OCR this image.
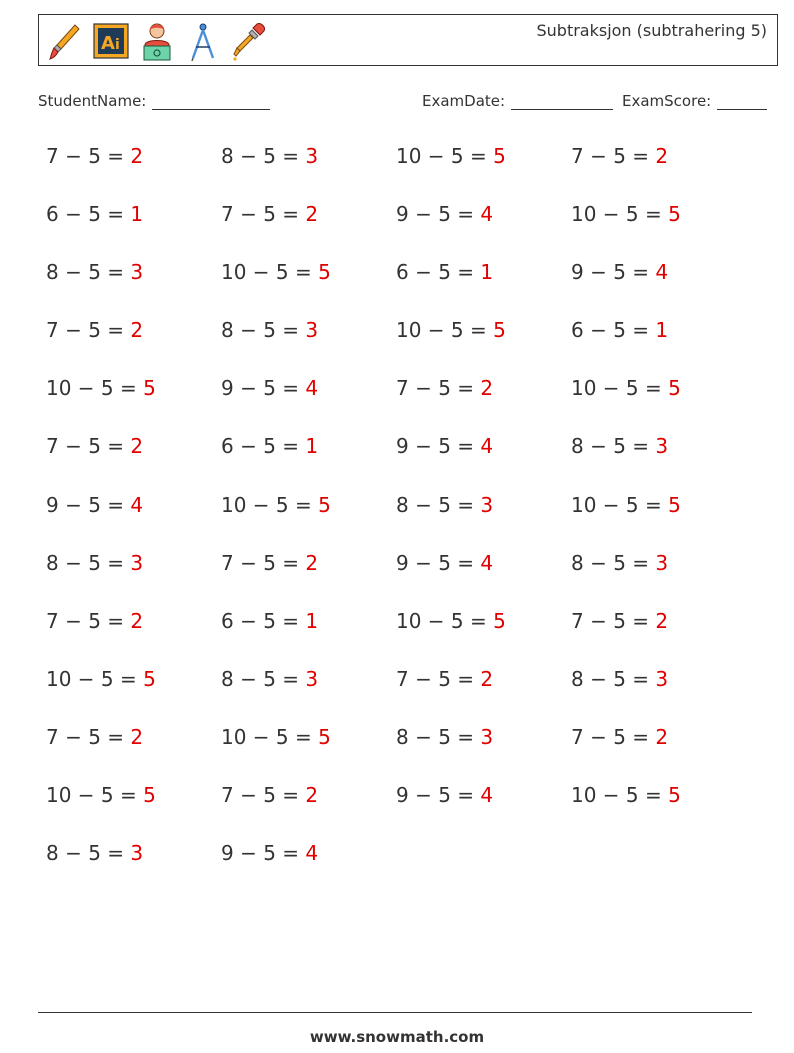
A i
Subtraksjon (subtrahering 5)
StudentName:	ExamDate:	ExamScore:
7 − 5 = 2	8 − 5 = 3	10 − 5 = 5	7 − 5 = 2
6 − 5 = 1	7 − 5 = 2	9 − 5 = 4	10 − 5 = 5
8 − 5 = 3	10 − 5 = 5	6 − 5 = 1	9 − 5 = 4
7 − 5 = 2	8 − 5 = 3	10 − 5 = 5	6 − 5 = 1
10 − 5 = 5	9 − 5 = 4	7 − 5 = 2	10 − 5 = 5
7 − 5 = 2	6 − 5 = 1	9 − 5 = 4	8 − 5 = 3
9 − 5 = 4	10 − 5 = 5	8 − 5 = 3	10 − 5 = 5
8 − 5 = 3	7 − 5 = 2	9 − 5 = 4	8 − 5 = 3
7 − 5 = 2	6 − 5 = 1	10 − 5 = 5	7 − 5 = 2
10 − 5 = 5	8 − 5 = 3	7 − 5 = 2	8 − 5 = 3
7 − 5 = 2	10 − 5 = 5	8 − 5 = 3	7 − 5 = 2
10 − 5 = 5	7 − 5 = 2	9 − 5 = 4	10 − 5 = 5
8 − 5 = 3	9 − 5 = 4
www.snowmath.com
